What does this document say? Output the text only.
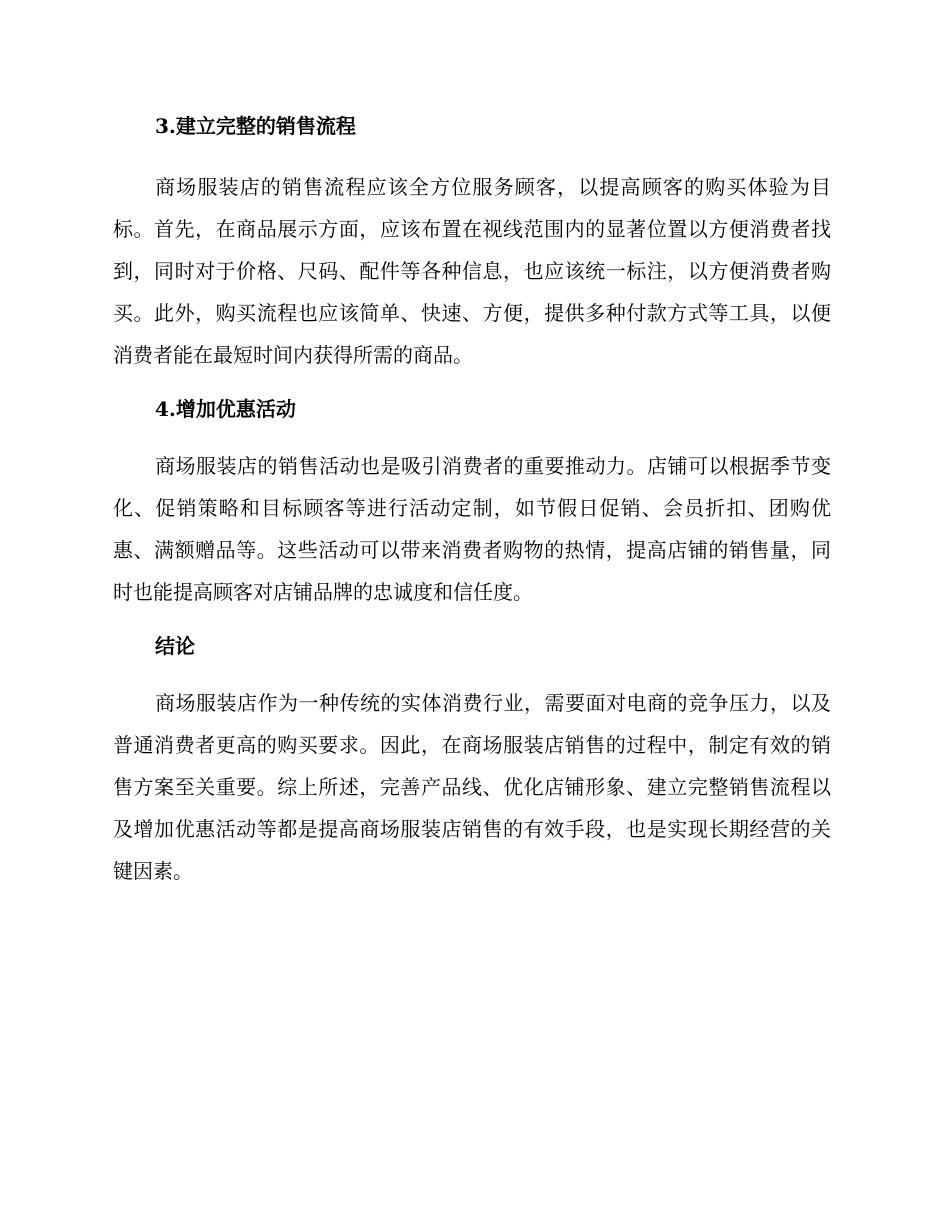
3.建立完整的销售流程

商场服装店的销售流程应该全方位服务顾客，以提高顾客的购买体验为目标。首先，在商品展示方面，应该布置在视线范围内的显著位置以方便消费者找到，同时对于价格、尺码、配件等各种信息，也应该统一标注，以方便消费者购买。此外，购买流程也应该简单、快速、方便，提供多种付款方式等工具，以便消费者能在最短时间内获得所需的商品。

4.增加优惠活动

商场服装店的销售活动也是吸引消费者的重要推动力。店铺可以根据季节变化、促销策略和目标顾客等进行活动定制，如节假日促销、会员折扣、团购优惠、满额赠品等。这些活动可以带来消费者购物的热情，提高店铺的销售量，同时也能提高顾客对店铺品牌的忠诚度和信任度。

结论

商场服装店作为一种传统的实体消费行业，需要面对电商的竞争压力，以及普通消费者更高的购买要求。因此，在商场服装店销售的过程中，制定有效的销售方案至关重要。综上所述，完善产品线、优化店铺形象、建立完整销售流程以及增加优惠活动等都是提高商场服装店销售的有效手段，也是实现长期经营的关键因素。
